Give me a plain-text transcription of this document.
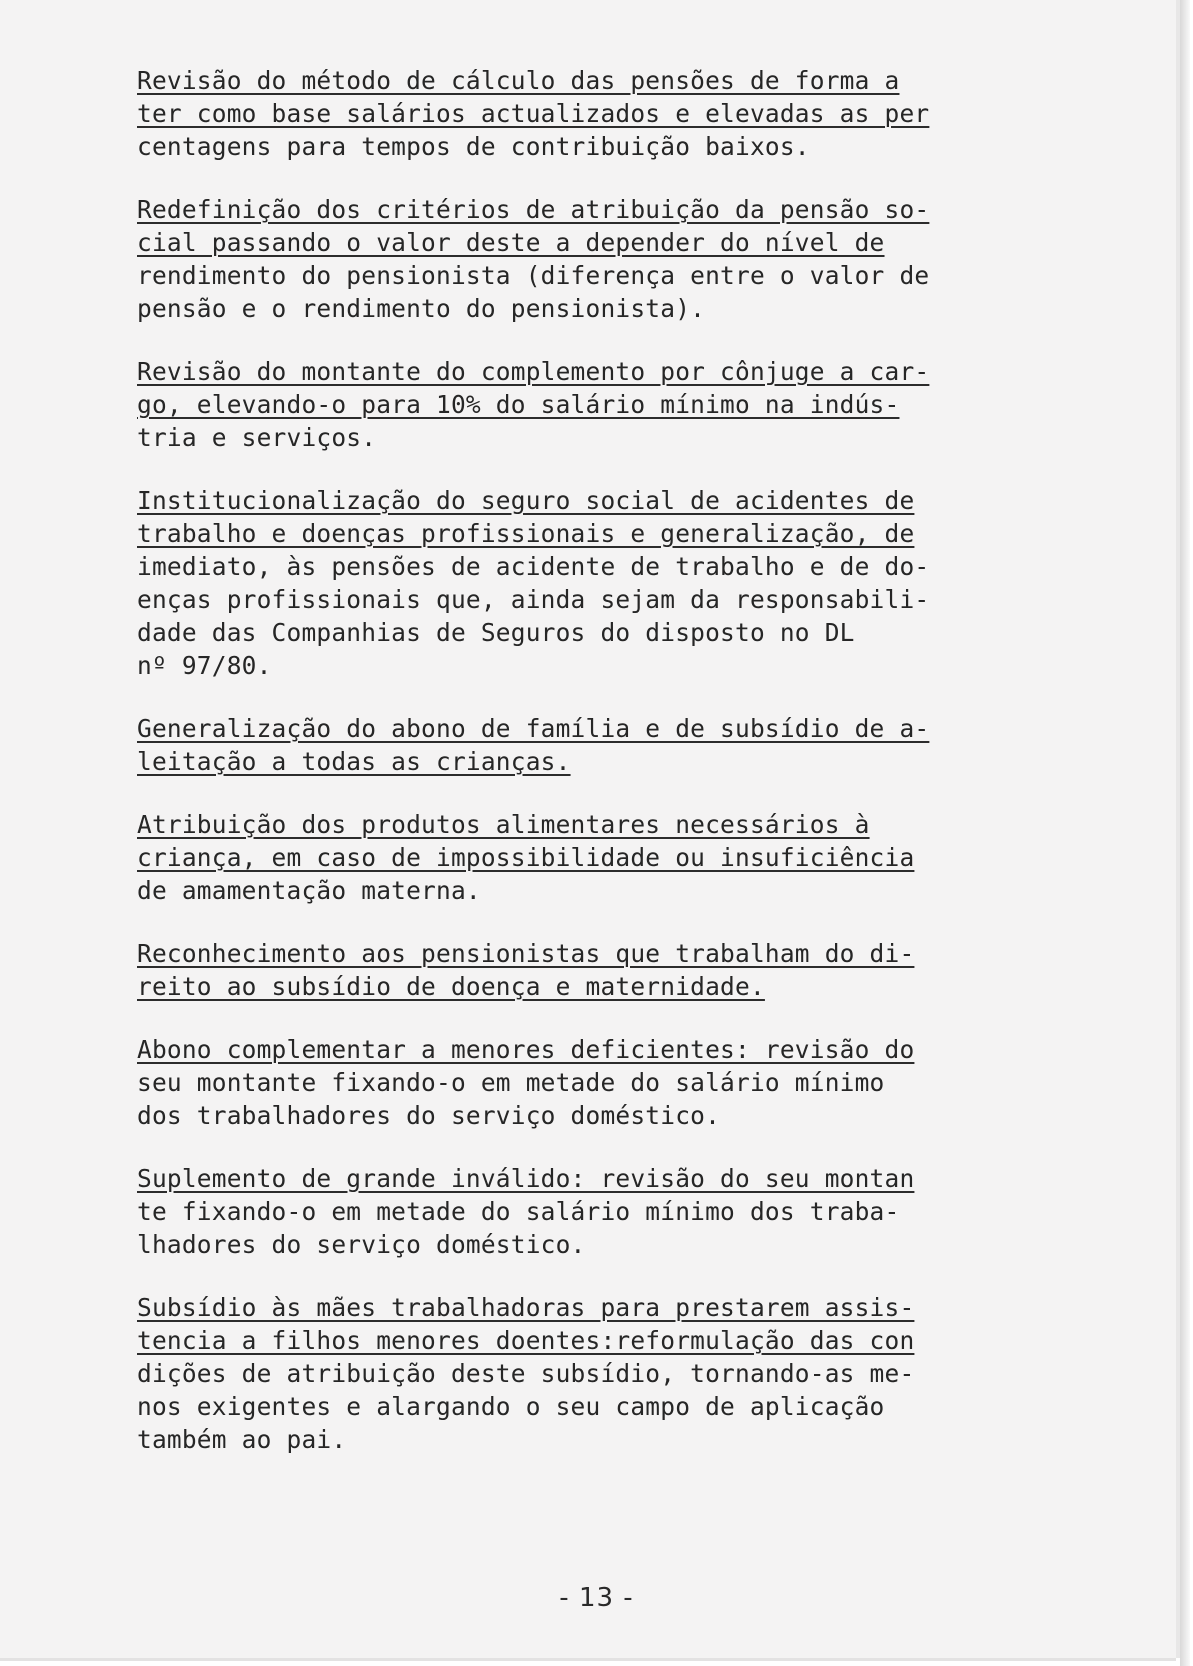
Revisão do método de cálculo das pensões de forma a
ter como base salários actualizados e elevadas as per
centagens para tempos de contribuição baixos.
Redefinição dos critérios de atribuição da pensão so-
cial passando o valor deste a depender do nível de
rendimento do pensionista (diferença entre o valor de
pensão e o rendimento do pensionista).
Revisão do montante do complemento por cônjuge a car-
go, elevando-o para 10% do salário mínimo na indús-
tria e serviços.
Institucionalização do seguro social de acidentes de
trabalho e doenças profissionais e generalização, de
imediato, às pensões de acidente de trabalho e de do-
enças profissionais que, ainda sejam da responsabili-
dade das Companhias de Seguros do disposto no DL
nº 97/80.
Generalização do abono de família e de subsídio de a-
leitação a todas as crianças.
Atribuição dos produtos alimentares necessários à
criança, em caso de impossibilidade ou insuficiência
de amamentação materna.
Reconhecimento aos pensionistas que trabalham do di-
reito ao subsídio de doença e maternidade.
Abono complementar a menores deficientes: revisão do
seu montante fixando-o em metade do salário mínimo
dos trabalhadores do serviço doméstico.
Suplemento de grande inválido: revisão do seu montan
te fixando-o em metade do salário mínimo dos traba-
lhadores do serviço doméstico.
Subsídio às mães trabalhadoras para prestarem assis-
tencia a filhos menores doentes:reformulação das con
dições de atribuição deste subsídio, tornando-as me-
nos exigentes e alargando o seu campo de aplicação
também ao pai.
- 13 -
